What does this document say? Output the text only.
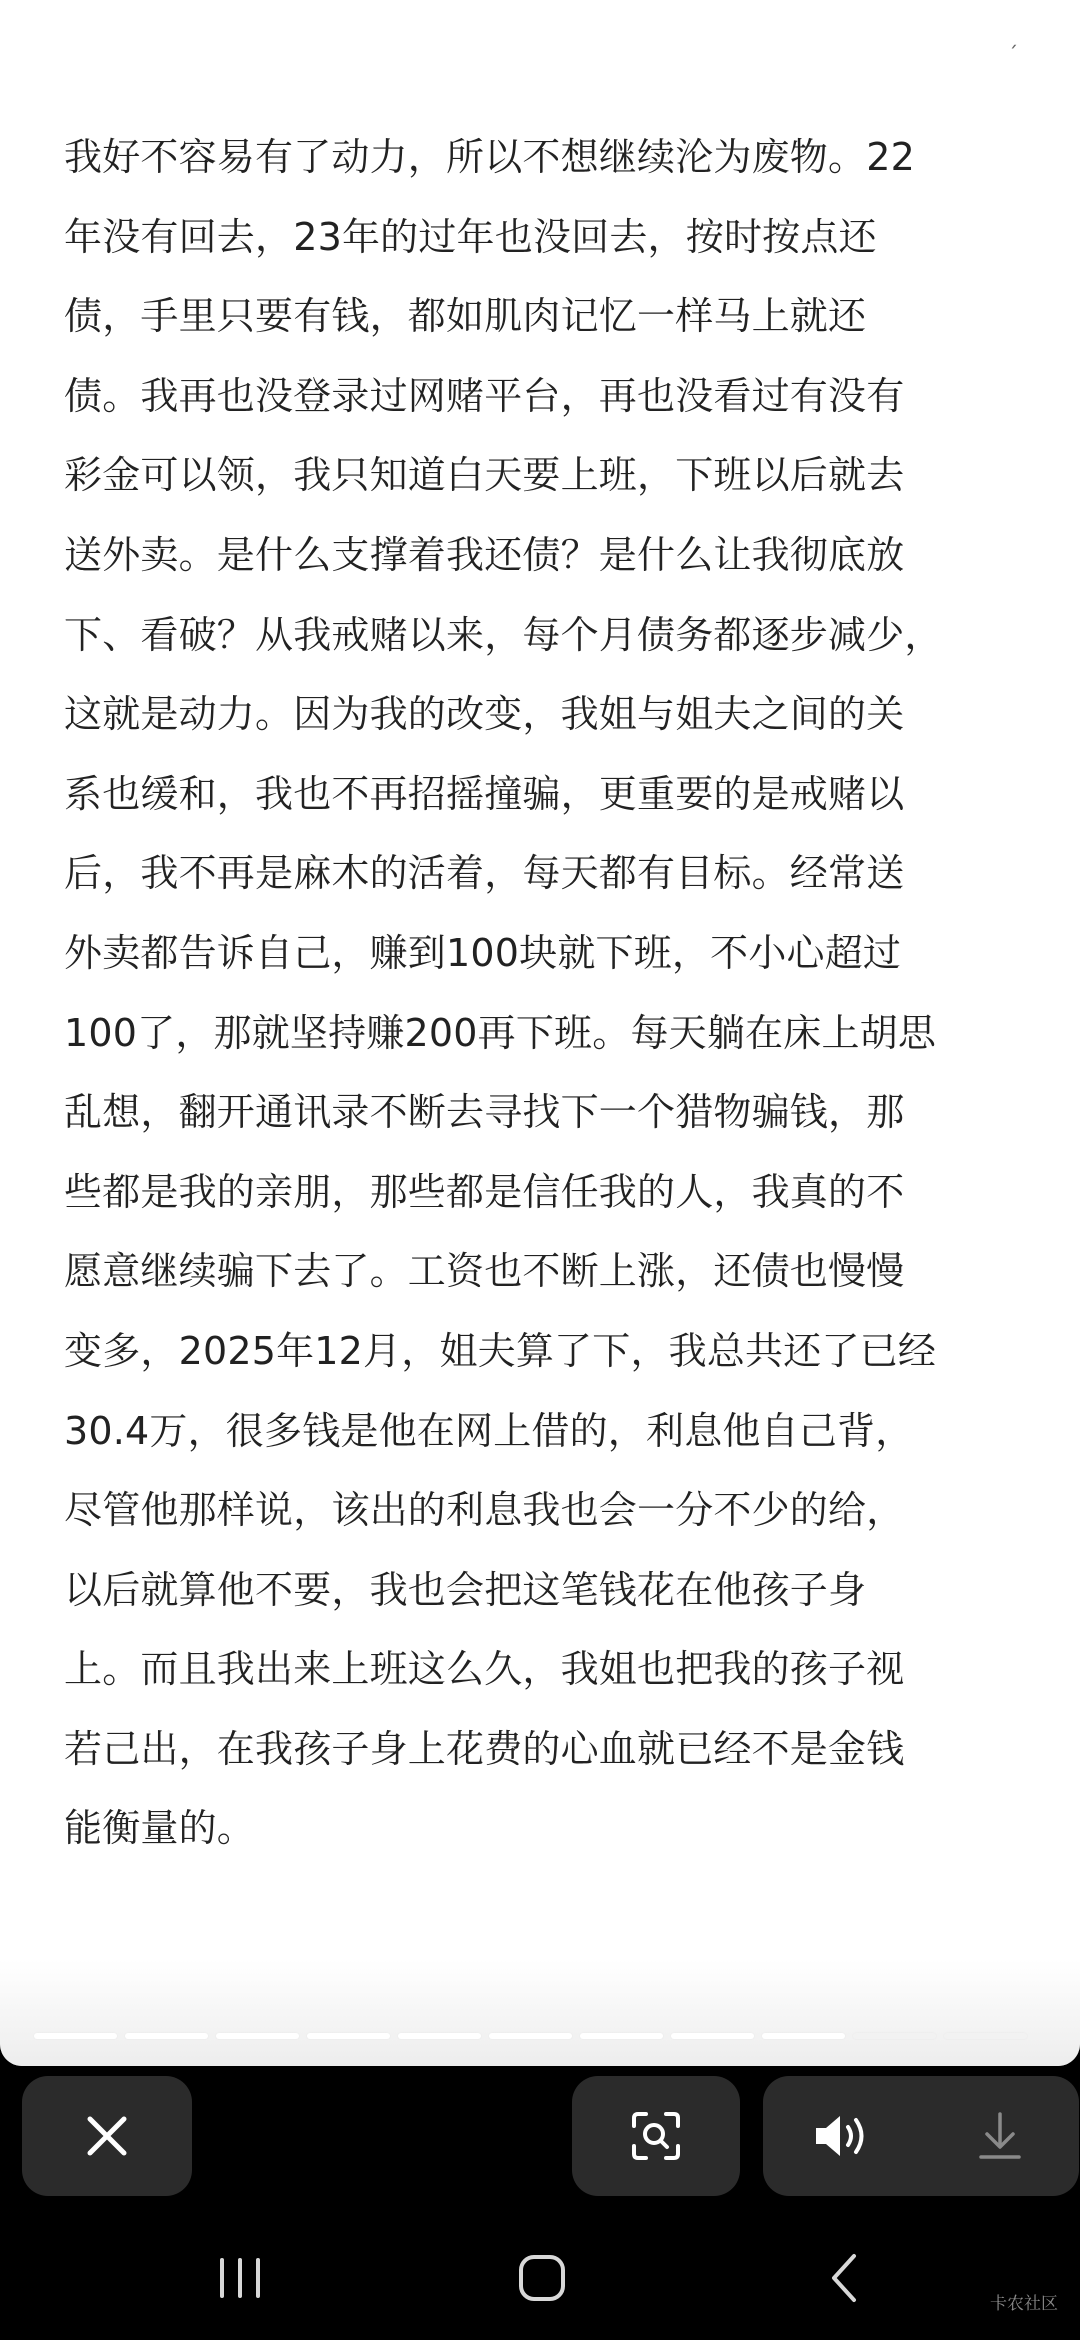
ˊ

我好不容易有了动力，所以不想继续沦为废物。22
年没有回去，23年的过年也没回去，按时按点还
债，手里只要有钱，都如肌肉记忆一样马上就还
债。我再也没登录过网赌平台，再也没看过有没有
彩金可以领，我只知道白天要上班，下班以后就去
送外卖。是什么支撑着我还债？是什么让我彻底放
下、看破？从我戒赌以来，每个月债务都逐步减少，
这就是动力。因为我的改变，我姐与姐夫之间的关
系也缓和，我也不再招摇撞骗，更重要的是戒赌以
后，我不再是麻木的活着，每天都有目标。经常送
外卖都告诉自己，赚到100块就下班，不小心超过
100了，那就坚持赚200再下班。每天躺在床上胡思
乱想，翻开通讯录不断去寻找下一个猎物骗钱，那
些都是我的亲朋，那些都是信任我的人，我真的不
愿意继续骗下去了。工资也不断上涨，还债也慢慢
变多，2025年12月，姐夫算了下，我总共还了已经
30.4万，很多钱是他在网上借的，利息他自己背，
尽管他那样说，该出的利息我也会一分不少的给，
以后就算他不要，我也会把这笔钱花在他孩子身
上。而且我出来上班这么久，我姐也把我的孩子视
若己出，在我孩子身上花费的心血就已经不是金钱
能衡量的。

卡农社区
